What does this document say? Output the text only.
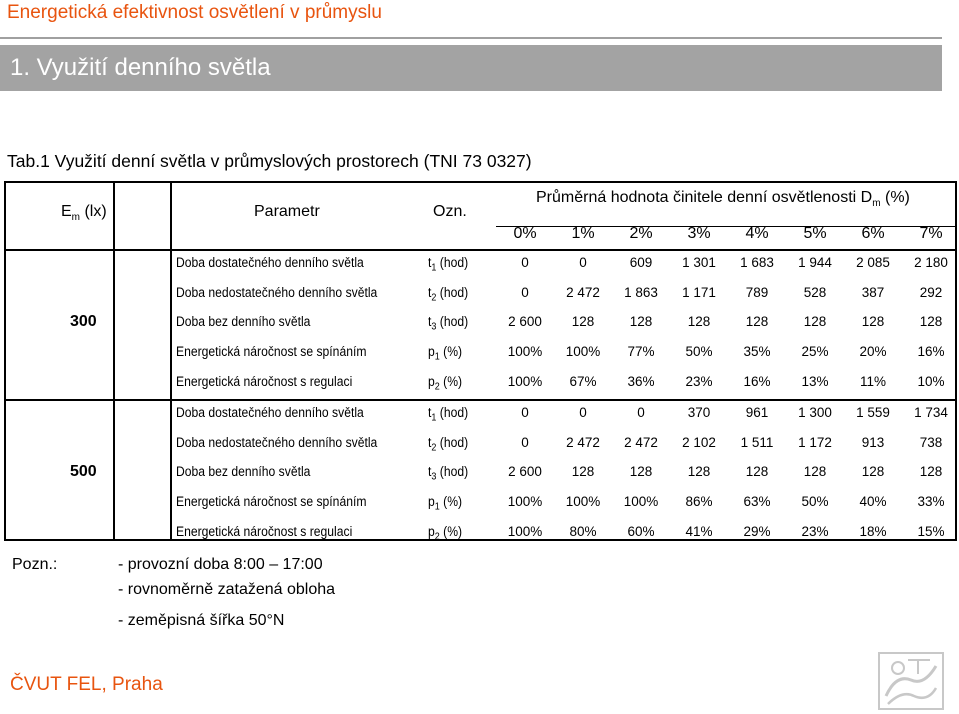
Energetická efektivnost osvětlení v průmyslu
1. Využití denního světla
Tab.1 Využití denní světla v průmyslových prostorech (TNI 73 0327)
$E_m$ (lx)	Parametr	Ozn.
Průměrná hodnota činitele denní osvětlenosti $D_m$ (%)
0%	1%	2%	3%	4%	5%	6%	7%
300
Doba dostatečného denního světla	$t_1$ (hod)	0	0	609	1 301	1 683	1 944	2 085	2 180
Doba nedostatečného denního světla	$t_2$ (hod)	0	2 472	1 863	1 171	789	528	387	292
Doba bez denního světla	$t_3$ (hod)	2 600	128	128	128	128	128	128	128
Energetická náročnost se spínáním	$p_1$ (%)	100%	100%	77%	50%	35%	25%	20%	16%
Energetická náročnost s regulaci	$p_2$ (%)	100%	67%	36%	23%	16%	13%	11%	10%
500
Doba dostatečného denního světla	$t_1$ (hod)	0	0	0	370	961	1 300	1 559	1 734
Doba nedostatečného denního světla	$t_2$ (hod)	0	2 472	2 472	2 102	1 511	1 172	913	738
Doba bez denního světla	$t_3$ (hod)	2 600	128	128	128	128	128	128	128
Energetická náročnost se spínáním	$p_1$ (%)	100%	100%	100%	86%	63%	50%	40%	33%
Energetická náročnost s regulaci	$p_2$ (%)	100%	80%	60%	41%	29%	23%	18%	15%
Pozn.:	- provozní doba 8:00 – 17:00
- rovnoměrně zatažená obloha
- zeměpisná šířka 50°N
ČVUT FEL, Praha
